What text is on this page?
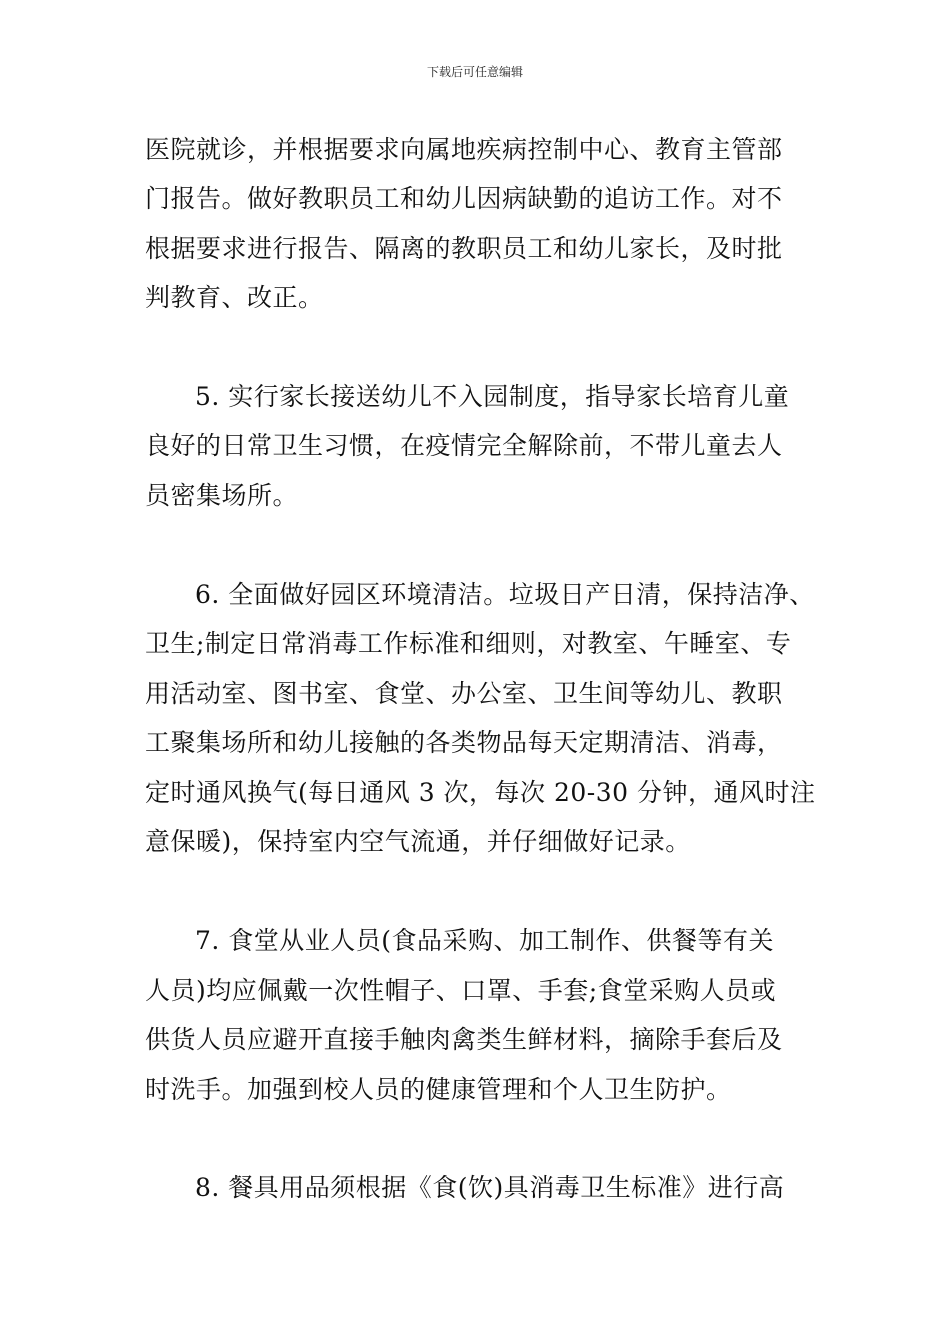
下载后可任意编辑
医院就诊，并根据要求向属地疾病控制中心、教育主管部
门报告。做好教职员工和幼儿因病缺勤的追访工作。对不
根据要求进行报告、隔离的教职员工和幼儿家长，及时批
判教育、改正。
5. 实行家长接送幼儿不入园制度，指导家长培育儿童
良好的日常卫生习惯，在疫情完全解除前，不带儿童去人
员密集场所。
6. 全面做好园区环境清洁。垃圾日产日清，保持洁净、
卫生;制定日常消毒工作标准和细则，对教室、午睡室、专
用活动室、图书室、食堂、办公室、卫生间等幼儿、教职
工聚集场所和幼儿接触的各类物品每天定期清洁、消毒，
定时通风换气(每日通风 3 次，每次 20-30 分钟，通风时注
意保暖)，保持室内空气流通，并仔细做好记录。
7. 食堂从业人员(食品采购、加工制作、供餐等有关
人员)均应佩戴一次性帽子、口罩、手套;食堂采购人员或
供货人员应避开直接手触肉禽类生鲜材料，摘除手套后及
时洗手。加强到校人员的健康管理和个人卫生防护。
8. 餐具用品须根据《食(饮)具消毒卫生标准》进行高
